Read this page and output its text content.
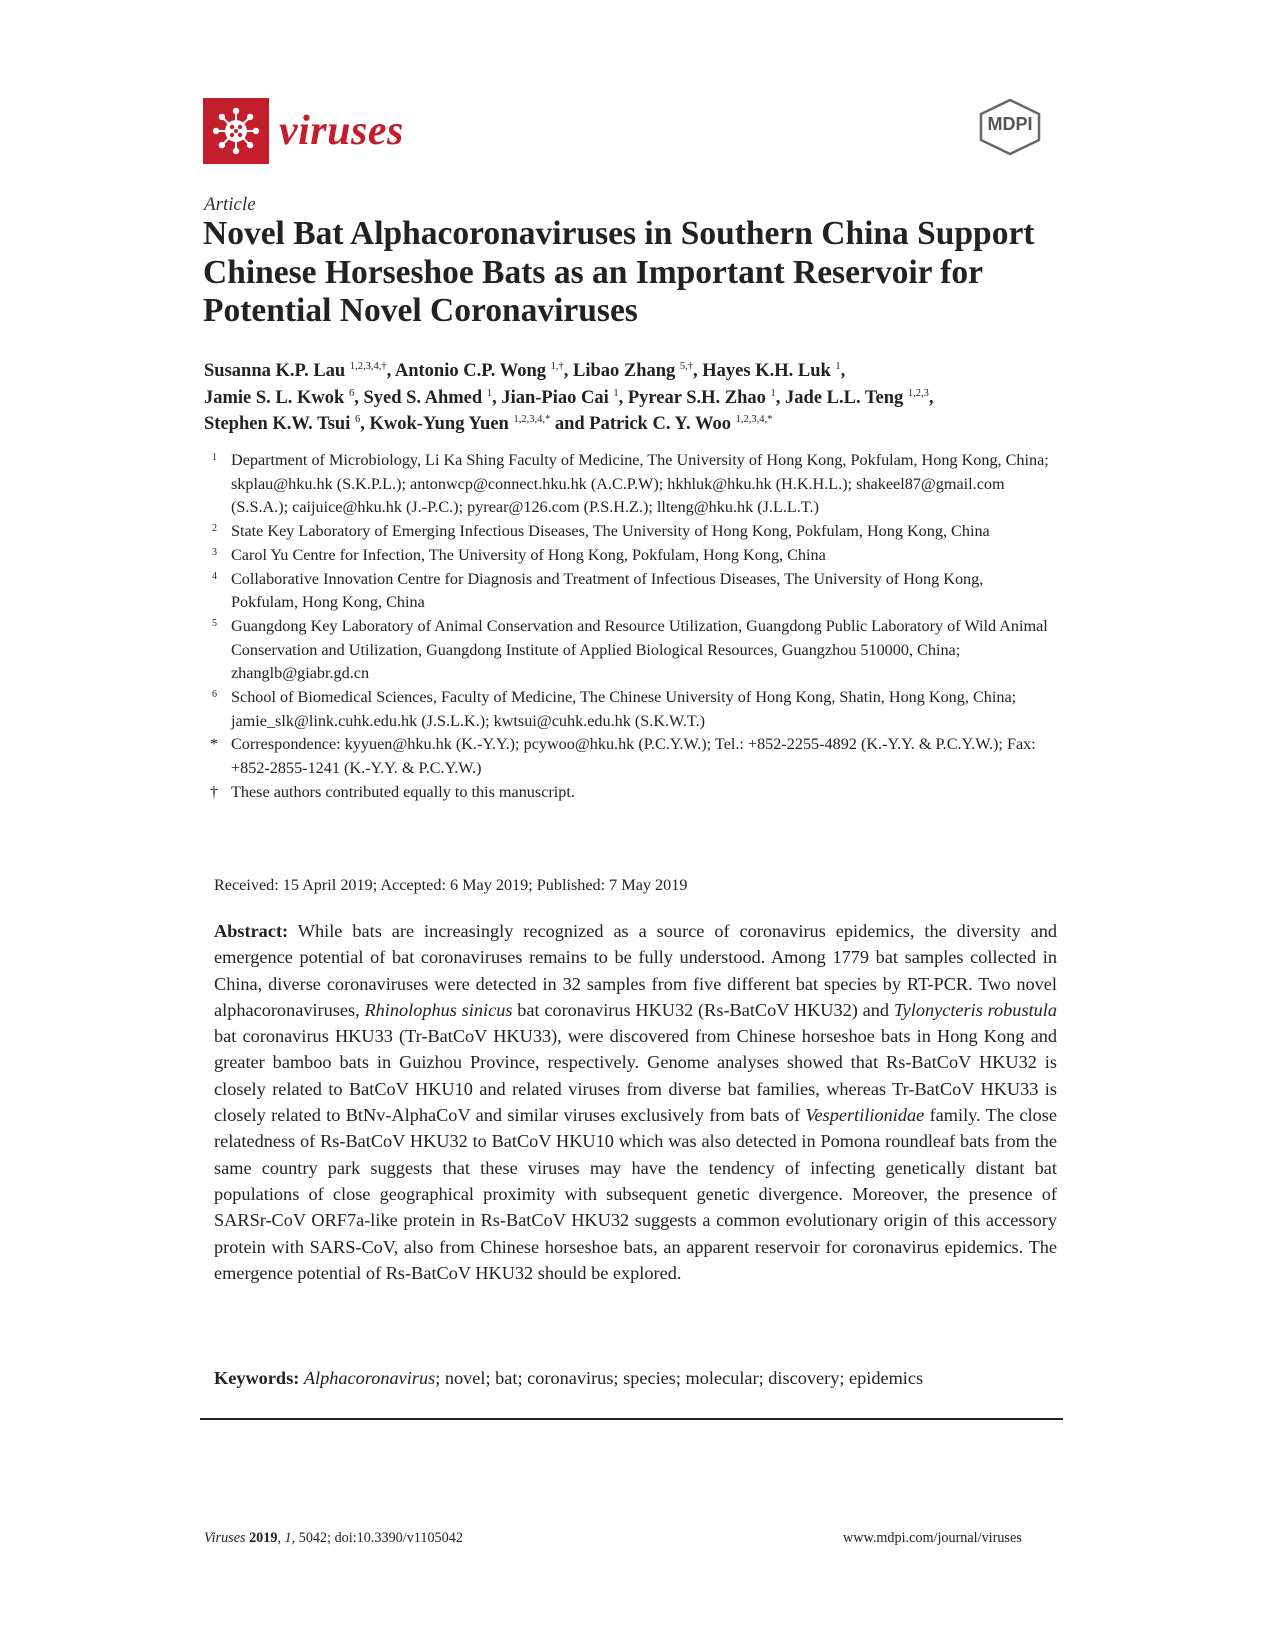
viruses	MDPI
Article
Novel Bat Alphacoronaviruses in Southern China Support Chinese Horseshoe Bats as an Important Reservoir for Potential Novel Coronaviruses
Susanna K.P. Lau $^{1,2,3,4,\dagger}$, Antonio C.P. Wong $^{1,\dagger}$, Libao Zhang $^{5,\dagger}$, Hayes K.H. Luk $^1$,
Jamie S. L. Kwok $^6$, Syed S. Ahmed $^1$, Jian-Piao Cai $^1$, Pyrear S.H. Zhao $^1$, Jade L.L. Teng $^{1,2,3}$,
Stephen K.W. Tsui $^6$, Kwok-Yung Yuen $^{1,2,3,4,*}$ and Patrick C. Y. Woo $^{1,2,3,4,*}$
1 Department of Microbiology, Li Ka Shing Faculty of Medicine, The University of Hong Kong, Pokfulam, Hong Kong, China; skplau@hku.hk (S.K.P.L.); antonwcp@connect.hku.hk (A.C.P.W); hkhluk@hku.hk (H.K.H.L.); shakeel87@gmail.com (S.S.A.); caijuice@hku.hk (J.-P.C.); pyrear@126.com (P.S.H.Z.); llteng@hku.hk (J.L.L.T.)
2 State Key Laboratory of Emerging Infectious Diseases, The University of Hong Kong, Pokfulam, Hong Kong, China
3 Carol Yu Centre for Infection, The University of Hong Kong, Pokfulam, Hong Kong, China
4 Collaborative Innovation Centre for Diagnosis and Treatment of Infectious Diseases, The University of Hong Kong, Pokfulam, Hong Kong, China
5 Guangdong Key Laboratory of Animal Conservation and Resource Utilization, Guangdong Public Laboratory of Wild Animal Conservation and Utilization, Guangdong Institute of Applied Biological Resources, Guangzhou 510000, China; zhanglb@giabr.gd.cn
6 School of Biomedical Sciences, Faculty of Medicine, The Chinese University of Hong Kong, Shatin, Hong Kong, China; jamie_slk@link.cuhk.edu.hk (J.S.L.K.); kwtsui@cuhk.edu.hk (S.K.W.T.)
* Correspondence: kyyuen@hku.hk (K.-Y.Y.); pcywoo@hku.hk (P.C.Y.W.); Tel.: +852-2255-4892 (K.-Y.Y. & P.C.Y.W.); Fax: +852-2855-1241 (K.-Y.Y. & P.C.Y.W.)
† These authors contributed equally to this manuscript.
Received: 15 April 2019; Accepted: 6 May 2019; Published: 7 May 2019

Abstract: While bats are increasingly recognized as a source of coronavirus epidemics, the diversity and emergence potential of bat coronaviruses remains to be fully understood. Among 1779 bat samples collected in China, diverse coronaviruses were detected in 32 samples from five different bat species by RT-PCR. Two novel alphacoronaviruses, Rhinolophus sinicus bat coronavirus HKU32 (Rs-BatCoV HKU32) and Tylonycteris robustula bat coronavirus HKU33 (Tr-BatCoV HKU33), were discovered from Chinese horseshoe bats in Hong Kong and greater bamboo bats in Guizhou Province, respectively. Genome analyses showed that Rs-BatCoV HKU32 is closely related to BatCoV HKU10 and related viruses from diverse bat families, whereas Tr-BatCoV HKU33 is closely related to BtNv-AlphaCoV and similar viruses exclusively from bats of Vespertilionidae family. The close relatedness of Rs-BatCoV HKU32 to BatCoV HKU10 which was also detected in Pomona roundleaf bats from the same country park suggests that these viruses may have the tendency of infecting genetically distant bat populations of close geographical proximity with subsequent genetic divergence. Moreover, the presence of SARSr-CoV ORF7a-like protein in Rs-BatCoV HKU32 suggests a common evolutionary origin of this accessory protein with SARS-CoV, also from Chinese horseshoe bats, an apparent reservoir for coronavirus epidemics. The emergence potential of Rs-BatCoV HKU32 should be explored.

Keywords: Alphacoronavirus; novel; bat; coronavirus; species; molecular; discovery; epidemics
Viruses 2019, 1, 5042; doi:10.3390/v1105042	www.mdpi.com/journal/viruses
